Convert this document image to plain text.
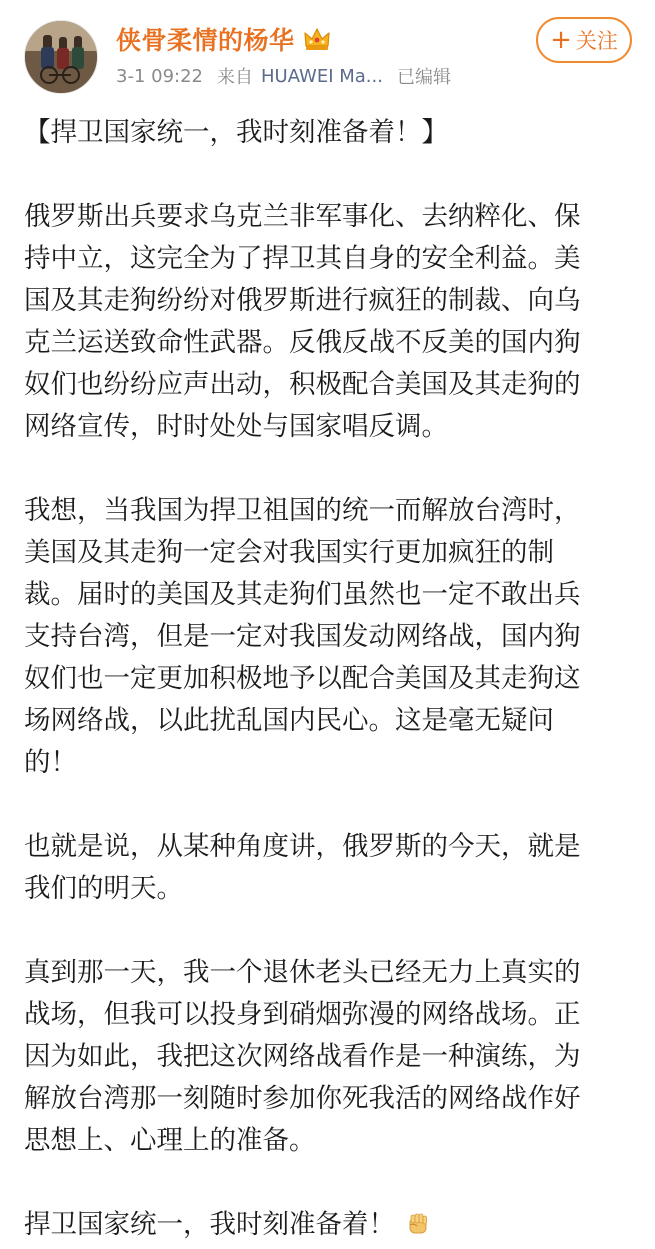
侠骨柔情的杨华
3-1 09:22 来自 HUAWEI Ma... 已编辑
+ 关注

【捍卫国家统一，我时刻准备着！】

俄罗斯出兵要求乌克兰非军事化、去纳粹化、保
持中立，这完全为了捍卫其自身的安全利益。美
国及其走狗纷纷对俄罗斯进行疯狂的制裁、向乌
克兰运送致命性武器。反俄反战不反美的国内狗
奴们也纷纷应声出动，积极配合美国及其走狗的
网络宣传，时时处处与国家唱反调。

我想，当我国为捍卫祖国的统一而解放台湾时，
美国及其走狗一定会对我国实行更加疯狂的制
裁。届时的美国及其走狗们虽然也一定不敢出兵
支持台湾，但是一定对我国发动网络战，国内狗
奴们也一定更加积极地予以配合美国及其走狗这
场网络战，以此扰乱国内民心。这是毫无疑问
的！

也就是说，从某种角度讲，俄罗斯的今天，就是
我们的明天。

真到那一天，我一个退休老头已经无力上真实的
战场，但我可以投身到硝烟弥漫的网络战场。正
因为如此，我把这次网络战看作是一种演练，为
解放台湾那一刻随时参加你死我活的网络战作好
思想上、心理上的准备。

捍卫国家统一，我时刻准备着！
